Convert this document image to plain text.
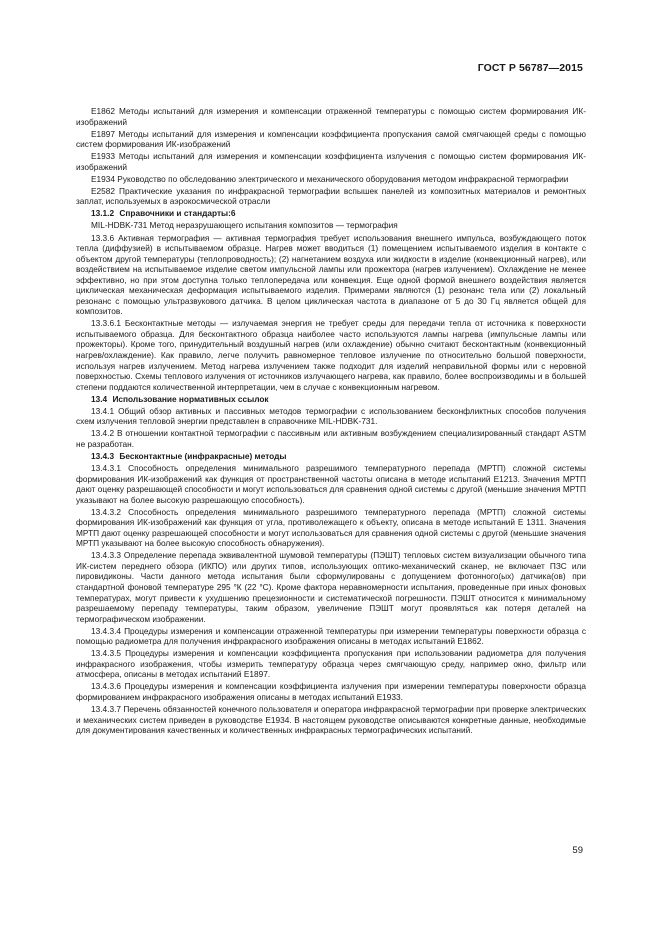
ГОСТ Р 56787—2015

E1862 Методы испытаний для измерения и компенсации отраженной температуры с помощью систем формирования ИК-изображений

E1897 Методы испытаний для измерения и компенсации коэффициента пропускания самой смягчающей среды с помощью систем формирования ИК-изображений

E1933 Методы испытаний для измерения и компенсации коэффициента излучения с помощью систем формирования ИК-изображений

E1934 Руководство по обследованию электрического и механического оборудования методом инфракрасной термографии

E2582 Практические указания по инфракрасной термографии вспышек панелей из композитных материалов и ремонтных заплат, используемых в аэрокосмической отрасли

13.1.2 Справочники и стандарты:6

MIL-HDBK-731 Метод неразрушающего испытания композитов — термография

13.3.6 Активная термография — активная термография требует использования внешнего импульса, возбуждающего поток тепла (диффузией) в испытываемом образце. Нагрев может вводиться (1) помещением испытываемого изделия в контакте с объектом другой температуры (теплопроводность); (2) нагнетанием воздуха или жидкости в изделие (конвекционный нагрев), или воздействием на испытываемое изделие светом импульсной лампы или прожектора (нагрев излучением). Охлаждение не менее эффективно, но при этом доступна только теплопередача или конвекция. Еще одной формой внешнего воздействия является циклическая механическая деформация испытываемого изделия. Примерами являются (1) резонанс тела или (2) локальный резонанс с помощью ультразвукового датчика. В целом циклическая частота в диапазоне от 5 до 30 Гц является общей для композитов.

13.3.6.1 Бесконтактные методы — излучаемая энергия не требует среды для передачи тепла от источника к поверхности испытываемого образца. Для бесконтактного образца наиболее часто используются лампы нагрева (импульсные лампы или прожекторы). Кроме того, принудительный воздушный нагрев (или охлаждение) обычно считают бесконтактным (конвекционный нагрев/охлаждение). Как правило, легче получить равномерное тепловое излучение по относительно большой поверхности, используя нагрев излучением. Метод нагрева излучением также подходит для изделий неправильной формы или с неровной поверхностью. Схемы теплового излучения от источников излучающего нагрева, как правило, более воспроизводимы и в большей степени поддаются количественной интерпретации, чем в случае с конвекционным нагревом.

13.4 Использование нормативных ссылок

13.4.1 Общий обзор активных и пассивных методов термографии с использованием бесконфликтных способов получения схем излучения тепловой энергии представлен в справочнике MIL-HDBK-731.

13.4.2 В отношении контактной термографии с пассивным или активным возбуждением специализированный стандарт ASTM не разработан.

13.4.3 Бесконтактные (инфракрасные) методы

13.4.3.1 Способность определения минимального разрешимого температурного перепада (МРТП) сложной системы формирования ИК-изображений как функция от пространственной частоты описана в методе испытаний E1213. Значения МРТП дают оценку разрешающей способности и могут использоваться для сравнения одной системы с другой (меньшие значения МРТП указывают на более высокую разрешающую способность).

13.4.3.2 Способность определения минимального разрешимого температурного перепада (МРТП) сложной системы формирования ИК-изображений как функция от угла, противолежащего к объекту, описана в методе испытаний E 1311. Значения МРТП дают оценку разрешающей способности и могут использоваться для сравнения одной системы с другой (меньшие значения МРТП указывают на более высокую способность обнаружения).

13.4.3.3 Определение перепада эквивалентной шумовой температуры (ПЭШТ) тепловых систем визуализации обычного типа ИК-систем переднего обзора (ИКПО) или других типов, использующих оптико-механический сканер, не включает ПЗС или пировидиконы. Части данного метода испытания были сформулированы с допущением фотонного(ых) датчика(ов) при стандартной фоновой температуре 295 °К (22 °С). Кроме фактора неравномерности испытания, проведенные при иных фоновых температурах, могут привести к ухудшению прецезионности и систематической погрешности. ПЭШТ относится к минимальному разрешаемому перепаду температуры, таким образом, увеличение ПЭШТ могут проявляться как потеря деталей на термографическом изображении.

13.4.3.4 Процедуры измерения и компенсации отраженной температуры при измерении температуры поверхности образца с помощью радиометра для получения инфракрасного изображения описаны в методах испытаний E1862.

13.4.3.5 Процедуры измерения и компенсации коэффициента пропускания при использовании радиометра для получения инфракрасного изображения, чтобы измерить температуру образца через смягчающую среду, например окно, фильтр или атмосфера, описаны в методах испытаний E1897.

13.4.3.6 Процедуры измерения и компенсации коэффициента излучения при измерении температуры поверхности образца формированием инфракрасного изображения описаны в методах испытаний E1933.

13.4.3.7 Перечень обязанностей конечного пользователя и оператора инфракрасной термографии при проверке электрических и механических систем приведен в руководстве E1934. В настоящем руководстве описываются конкретные данные, необходимые для документирования качественных и количественных инфракрасных термографических испытаний.

59
